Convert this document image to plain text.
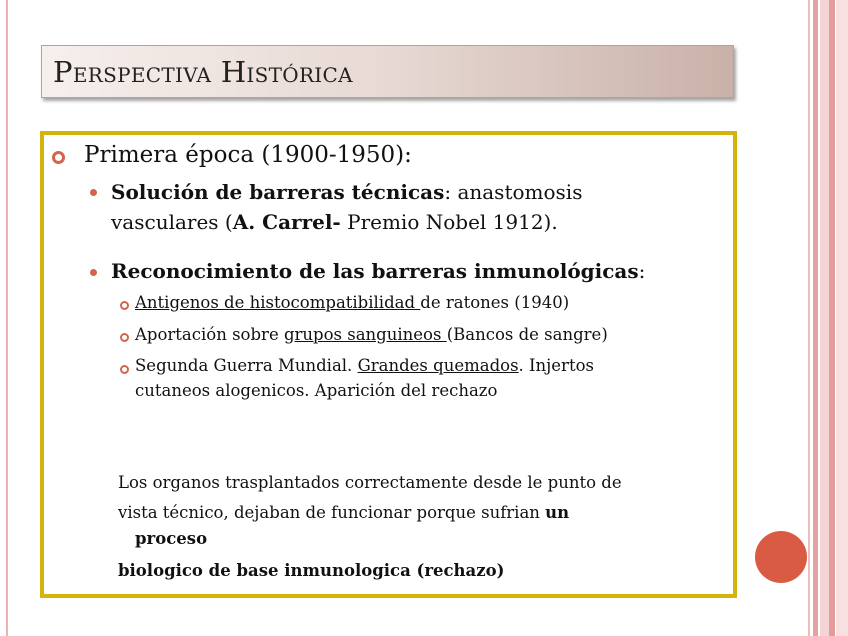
Perspectiva Histórica
Primera época (1900-1950):
Solución de barreras técnicas: anastomosis
vasculares (A. Carrel- Premio Nobel 1912).
Reconocimiento de las barreras inmunológicas:
Antigenos de histocompatibilidad de ratones (1940)
Aportación sobre grupos sanguineos (Bancos de sangre)
Segunda Guerra Mundial. Grandes quemados. Injertos
cutaneos alogenicos. Aparición del rechazo
Los organos trasplantados correctamente desde le punto de
vista técnico, dejaban de funcionar porque sufrian un
proceso
biologico de base inmunologica (rechazo)
